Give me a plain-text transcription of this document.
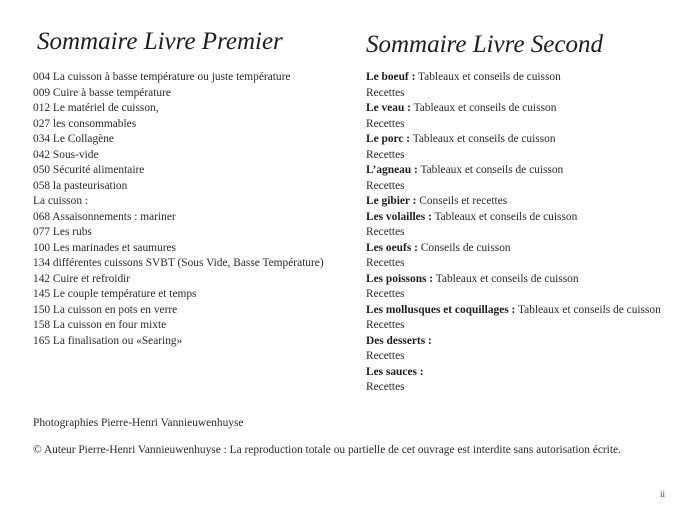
Sommaire Livre Premier	Sommaire Livre Second
004 La cuisson à basse température ou juste température
009 Cuire à basse température
012 Le matériel de cuisson,
027 les consommables
034 Le Collagène
042 Sous-vide
050 Sécurité alimentaire
058 la pasteurisation
La cuisson :
068 Assaisonnements : mariner
077 Les rubs
100 Les marinades et saumures
134 différentes cuissons SVBT (Sous Vide, Basse Température)
142 Cuire et refroidir
145 Le couple température et temps
150 La cuisson en pots en verre
158 La cuisson en four mixte
165 La finalisation ou «Searing»
Le boeuf : Tableaux et conseils de cuisson
Recettes
Le veau : Tableaux et conseils de cuisson
Recettes
Le porc : Tableaux et conseils de cuisson
Recettes
L’agneau : Tableaux et conseils de cuisson
Recettes
Le gibier : Conseils et recettes
Les volailles : Tableaux et conseils de cuisson
Recettes
Les oeufs : Conseils de cuisson
Recettes
Les poissons : Tableaux et conseils de cuisson
Recettes
Les mollusques et coquillages : Tableaux et conseils de cuisson
Recettes
Des desserts :
Recettes
Les sauces :
Recettes
Photographies Pierre-Henri Vannieuwenhuyse
© Auteur Pierre-Henri Vannieuwenhuyse : La reproduction totale ou partielle de cet ouvrage est interdite sans autorisation écrite.
ii
